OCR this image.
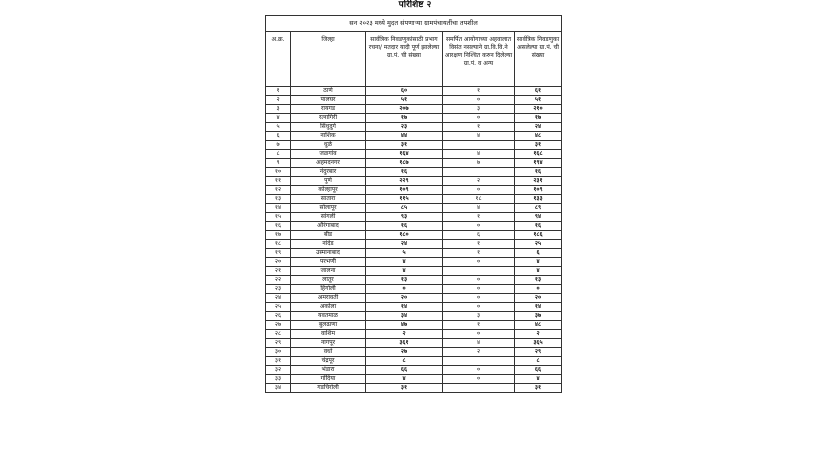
परिशिष्ट २
सन २०२३ मध्ये मुदत संपणाऱ्या ग्रामपंचायतींचा तपशील				
अ.क्र.	जिल्हा	सार्वत्रिक निवडणुकांसाठी प्रभाग रचना/ मतदार यादी पूर्ण झालेल्या ग्रा.पं. ची संख्या	समर्पित आयोगाच्या अहवालात विसंत नसल्याने ग्रा.वि.वि.ने आरक्षण निश्चित करुन दिलेल्या ग्रा.पं. व अन्य	सार्वत्रिक निवडणुका असलेल्या ग्रा.पं. ची संख्या
१	ठाणे	६०	१	६१
२	पालघर	५१	०	५१
३	रायगड	२०७	३	२१०
४	रत्नागिरी	१७	०	१७
५	सिंधुदुर्ग	२३	१	२४
६	नाशिक	४४	४	४८
७	धुळे	३१		३१
८	जळगांव	१६४	४	१६८
९	अहमदनगर	१८७	७	१९४
१०	नंदुरबार	१६		१६
११	पुणे	२२९	२	२३१
१२	कोल्हापूर	१०९	०	१०९
१३	सातारा	११५	१८	१३३
१४	सोलापूर	८५	४	८९
१५	सांगली	९३	१	९४
१६	औरंगाबाद	१६	०	१६
१७	बीड	१८०	६	१८६
१८	नांदेड	२४	१	२५
१९	उस्मानाबाद	५	१	६
२०	परभणी	४	०	४
२१	जालना	४		४
२२	लातूर	१३	०	१३
२३	हिंगोली	०	०	०
२४	अमरावती	२०	०	२०
२५	अकोला	१४	०	१४
२६	यवतमाळ	३४	३	३७
२७	बुलढाणा	४७	१	४८
२८	वाशिम	२	०	२
२९	नागपूर	३६१	४	३६५
३०	वर्धा	२७	२	२९
३१	चंद्रपूर	८		८
३२	भंडारा	६६	०	६६
३३	गोंदिया	४	०	४
३४	गडचिरोली	३१		३१
